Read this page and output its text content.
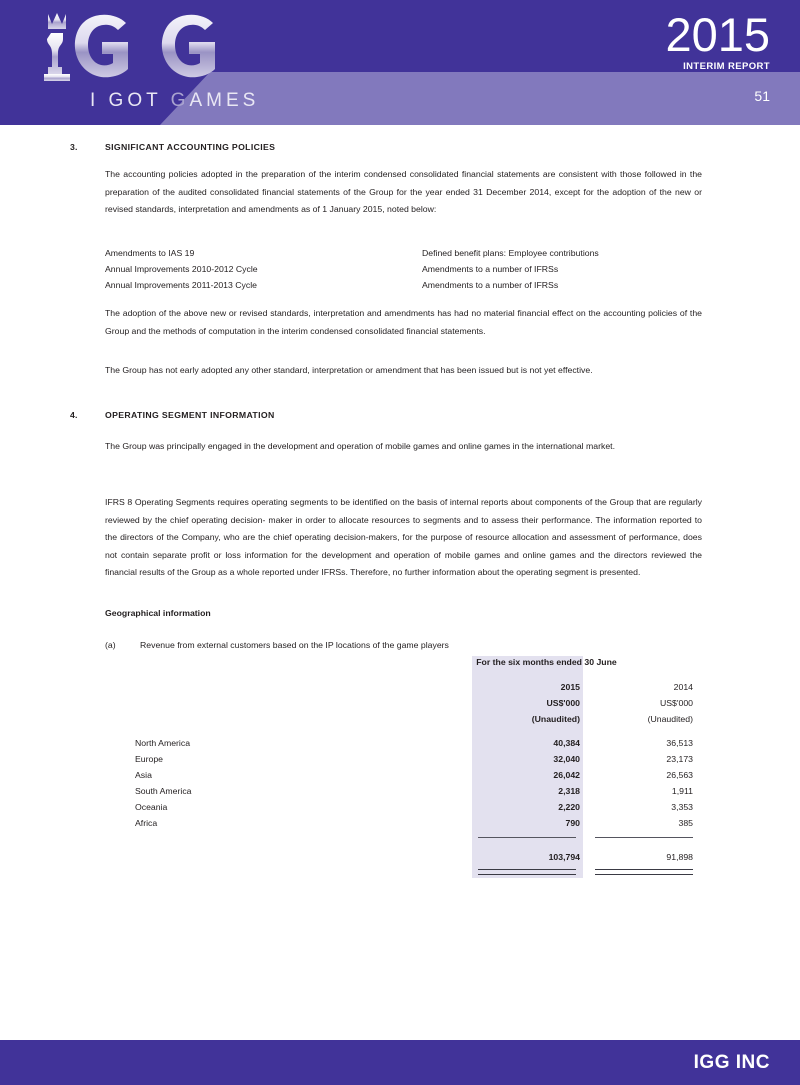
I GOT GAMES
2015
INTERIM REPORT
51
3.	SIGNIFICANT ACCOUNTING POLICIES
The accounting policies adopted in the preparation of the interim condensed consolidated financial statements are consistent with those followed in the preparation of the audited consolidated financial statements of the Group for the year ended 31 December 2014, except for the adoption of the new or revised standards, interpretation and amendments as of 1 January 2015, noted below:
Amendments to IAS 19	Defined benefit plans: Employee contributions
Annual Improvements 2010-2012 Cycle	Amendments to a number of IFRSs
Annual Improvements 2011-2013 Cycle	Amendments to a number of IFRSs
The adoption of the above new or revised standards, interpretation and amendments has had no material financial effect on the accounting policies of the Group and the methods of computation in the interim condensed consolidated financial statements.
The Group has not early adopted any other standard, interpretation or amendment that has been issued but is not yet effective.
4.	OPERATING SEGMENT INFORMATION
The Group was principally engaged in the development and operation of mobile games and online games in the international market.
IFRS 8 Operating Segments requires operating segments to be identified on the basis of internal reports about components of the Group that are regularly reviewed by the chief operating decision- maker in order to allocate resources to segments and to assess their performance. The information reported to the directors of the Company, who are the chief operating decision-makers, for the purpose of resource allocation and assessment of performance, does not contain separate profit or loss information for the development and operation of mobile games and online games and the directors reviewed the financial results of the Group as a whole reported under IFRSs. Therefore, no further information about the operating segment is presented.
Geographical information
(a)	Revenue from external customers based on the IP locations of the game players
For the six months ended 30 June
2015
US$'000
(Unaudited)
2014
US$'000
(Unaudited)
North America	40,384	36,513
Europe	32,040	23,173
Asia	26,042	26,563
South America	2,318	1,911
Oceania	2,220	3,353
Africa	790	385
103,794	91,898
IGG INC
